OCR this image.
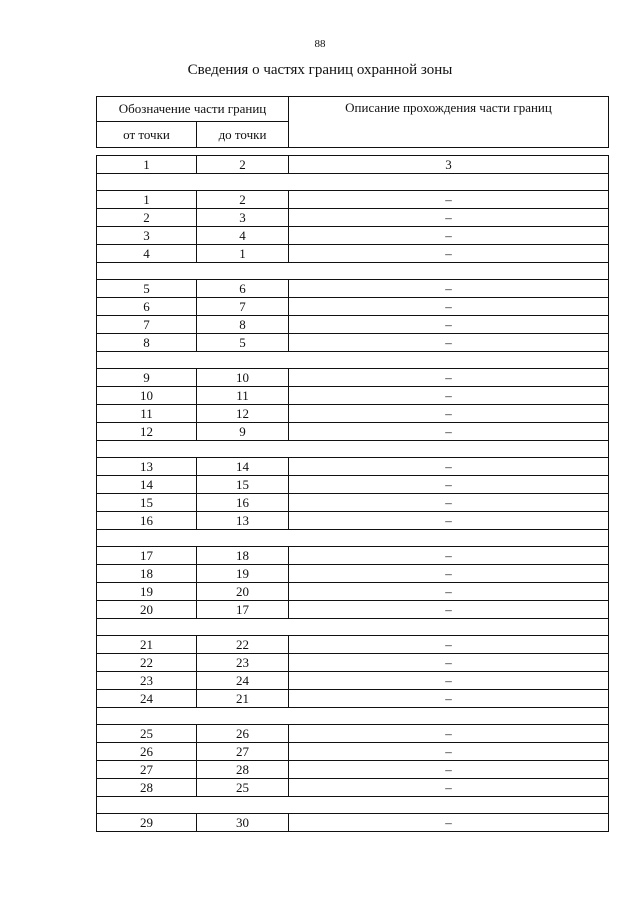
88
Сведения о частях границ охранной зоны
Обозначение части границ		Описание прохождения части границ
от точки	до точки	

1	2	3

1	2	–
2	3	–
3	4	–
4	1	–

5	6	–
6	7	–
7	8	–
8	5	–

9	10	–
10	11	–
11	12	–
12	9	–

13	14	–
14	15	–
15	16	–
16	13	–

17	18	–
18	19	–
19	20	–
20	17	–

21	22	–
22	23	–
23	24	–
24	21	–

25	26	–
26	27	–
27	28	–
28	25	–

29	30	–
